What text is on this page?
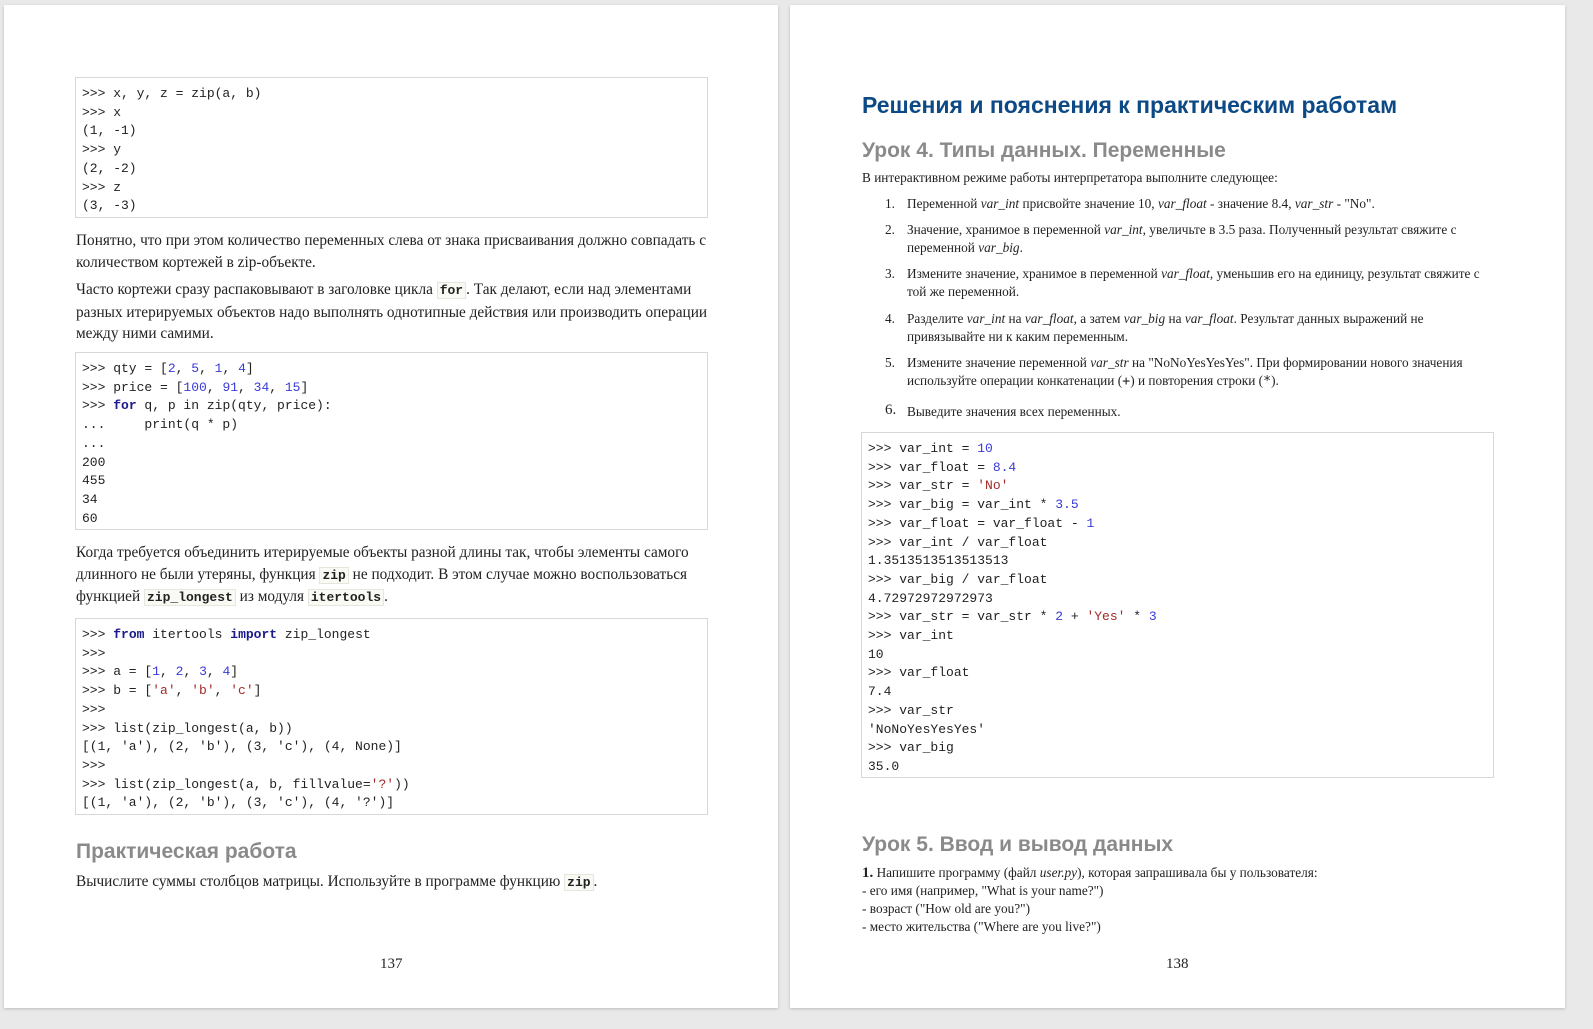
>>> x, y, z = zip(a, b)
>>> x
(1, -1)
>>> y
(2, -2)
>>> z
(3, -3)
Понятно, что при этом количество переменных слева от знака присваивания должно совпадать с количеством кортежей в zip-объекте.
Часто кортежи сразу распаковывают в заголовке цикла for . Так делают, если над элементами разных итерируемых объектов надо выполнять однотипные действия или производить операции между ними самими.
>>> qty = [2, 5, 1, 4]
>>> price = [100, 91, 34, 15]
>>> for q, p in zip(qty, price):
...     print(q * p)
...
200
455
34
60
Когда требуется объединить итерируемые объекты разной длины так, чтобы элементы самого длинного не были утеряны, функция zip не подходит. В этом случае можно воспользоваться функцией zip_longest из модуля itertools .
>>> from itertools import zip_longest
>>>
>>> a = [1, 2, 3, 4]
>>> b = ['a', 'b', 'c']
>>>
>>> list(zip_longest(a, b))
[(1, 'a'), (2, 'b'), (3, 'c'), (4, None)]
>>>
>>> list(zip_longest(a, b, fillvalue='?'))
[(1, 'a'), (2, 'b'), (3, 'c'), (4, '?')]
Практическая работа
Вычислите суммы столбцов матрицы. Используйте в программе функцию zip .
137
Решения и пояснения к практическим работам
Урок 4. Типы данных. Переменные
В интерактивном режиме работы интерпретатора выполните следующее:
1. Переменной var_int присвойте значение 10, var_float - значение 8.4, var_str - "No".
2. Значение, хранимое в переменной var_int, увеличьте в 3.5 раза. Полученный результат свяжите с переменной var_big.
3. Измените значение, хранимое в переменной var_float, уменьшив его на единицу, результат свяжите с той же переменной.
4. Разделите var_int на var_float, а затем var_big на var_float. Результат данных выражений не привязывайте ни к каким переменным.
5. Измените значение переменной var_str на "NoNoYesYesYes". При формировании нового значения используйте операции конкатенации (+) и повторения строки (*).
6. Выведите значения всех переменных.
>>> var_int = 10
>>> var_float = 8.4
>>> var_str = 'No'
>>> var_big = var_int * 3.5
>>> var_float = var_float - 1
>>> var_int / var_float
1.3513513513513513
>>> var_big / var_float
4.72972972972973
>>> var_str = var_str * 2 + 'Yes' * 3
>>> var_int
10
>>> var_float
7.4
>>> var_str
'NoNoYesYesYes'
>>> var_big
35.0
Урок 5. Ввод и вывод данных
1. Напишите программу (файл user.py), которая запрашивала бы у пользователя:
- его имя (например, "What is your name?")
- возраст ("How old are you?")
- место жительства ("Where are you live?")
138
